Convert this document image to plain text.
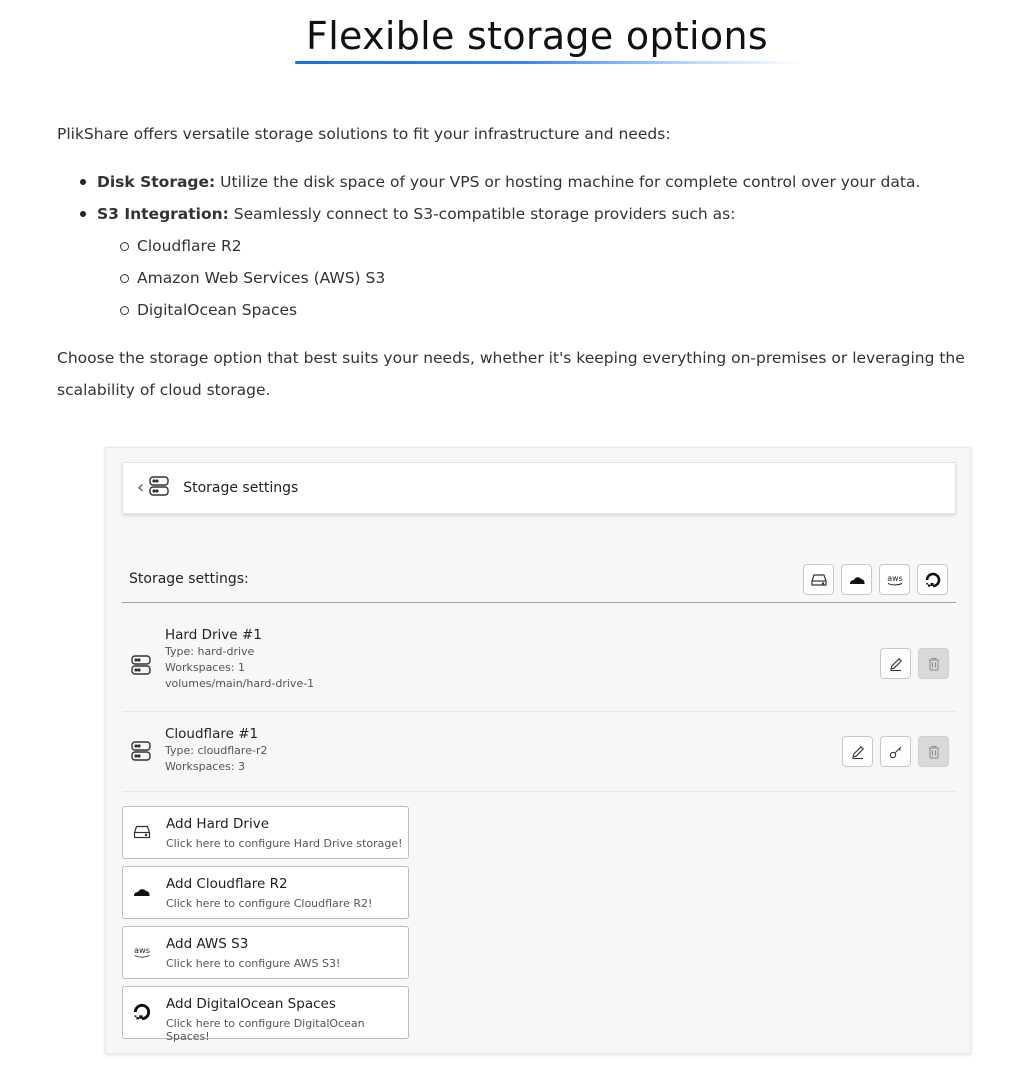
Flexible storage options

PlikShare offers versatile storage solutions to fit your infrastructure and needs:

Disk Storage: Utilize the disk space of your VPS or hosting machine for complete control over your data.
S3 Integration: Seamlessly connect to S3-compatible storage providers such as:
Cloudflare R2
Amazon Web Services (AWS) S3
DigitalOcean Spaces

Choose the storage option that best suits your needs, whether it's keeping everything on-premises or leveraging the scalability of cloud storage.

‹	Storage settings
Storage settings:	aws
Hard Drive #1
Type: hard-drive
Workspaces: 1
volumes/main/hard-drive-1
Cloudflare #1
Type: cloudflare-r2
Workspaces: 3
Add Hard Drive
Click here to configure Hard Drive storage!
Add Cloudflare R2
Click here to configure Cloudflare R2!
aws Add AWS S3
Click here to configure AWS S3!
Add DigitalOcean Spaces
Click here to configure DigitalOcean Spaces!
